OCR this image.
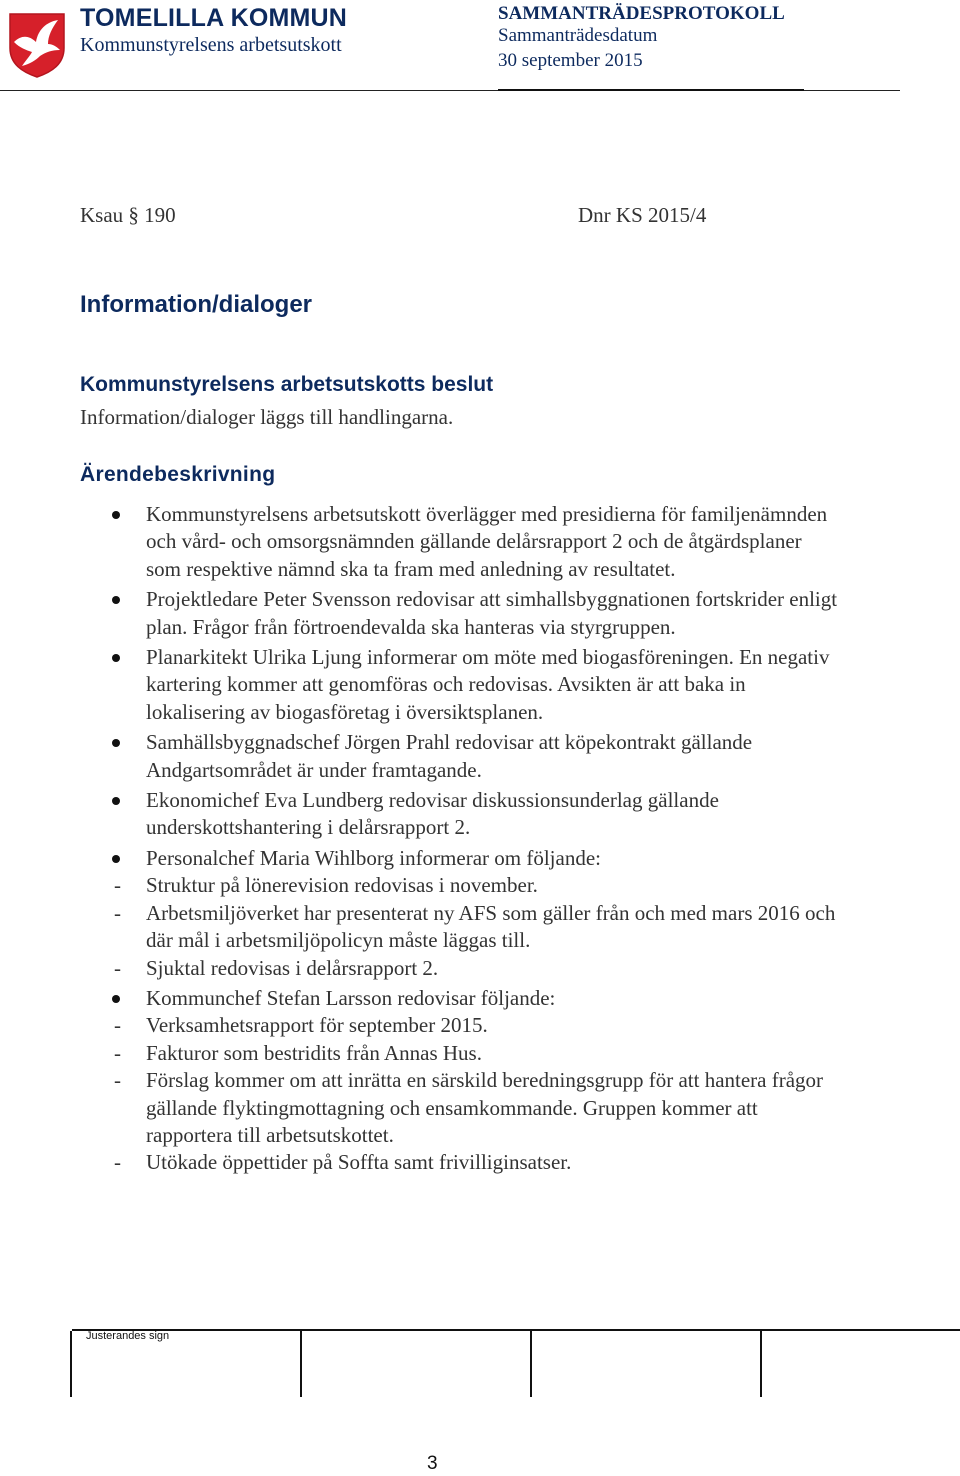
TOMELILLA KOMMUN
Kommunstyrelsens arbetsutskott
SAMMANTRÄDESPROTOKOLL
Sammanträdesdatum
30 september 2015
Ksau § 190	Dnr KS 2015/4
Information/dialoger
Kommunstyrelsens arbetsutskotts beslut
Information/dialoger läggs till handlingarna.
Ärendebeskrivning
Kommunstyrelsens arbetsutskott överlägger med presidierna för familjenämnden och vård- och omsorgsnämnden gällande delårsrapport 2 och de åtgärdsplaner som respektive nämnd ska ta fram med anledning av resultatet.
Projektledare Peter Svensson redovisar att simhallsbyggnationen fortskrider enligt plan. Frågor från förtroendevalda ska hanteras via styrgruppen.
Planarkitekt Ulrika Ljung informerar om möte med biogasföreningen. En negativ kartering kommer att genomföras och redovisas. Avsikten är att baka in lokalisering av biogasföretag i översiktsplanen.
Samhällsbyggnadschef Jörgen Prahl redovisar att köpekontrakt gällande Andgartsområdet är under framtagande.
Ekonomichef Eva Lundberg redovisar diskussionsunderlag gällande underskottshantering i delårsrapport 2.
Personalchef Maria Wihlborg informerar om följande:
- Struktur på lönerevision redovisas i november.
- Arbetsmiljöverket har presenterat ny AFS som gäller från och med mars 2016 och där mål i arbetsmiljöpolicyn måste läggas till.
- Sjuktal redovisas i delårsrapport 2.
Kommunchef Stefan Larsson redovisar följande:
- Verksamhetsrapport för september 2015.
- Fakturor som bestridits från Annas Hus.
- Förslag kommer om att inrätta en särskild beredningsgrupp för att hantera frågor gällande flyktingmottagning och ensamkommande. Gruppen kommer att rapportera till arbetsutskottet.
- Utökade öppettider på Soffta samt frivilliginsatser.
Justerandes sign
3
